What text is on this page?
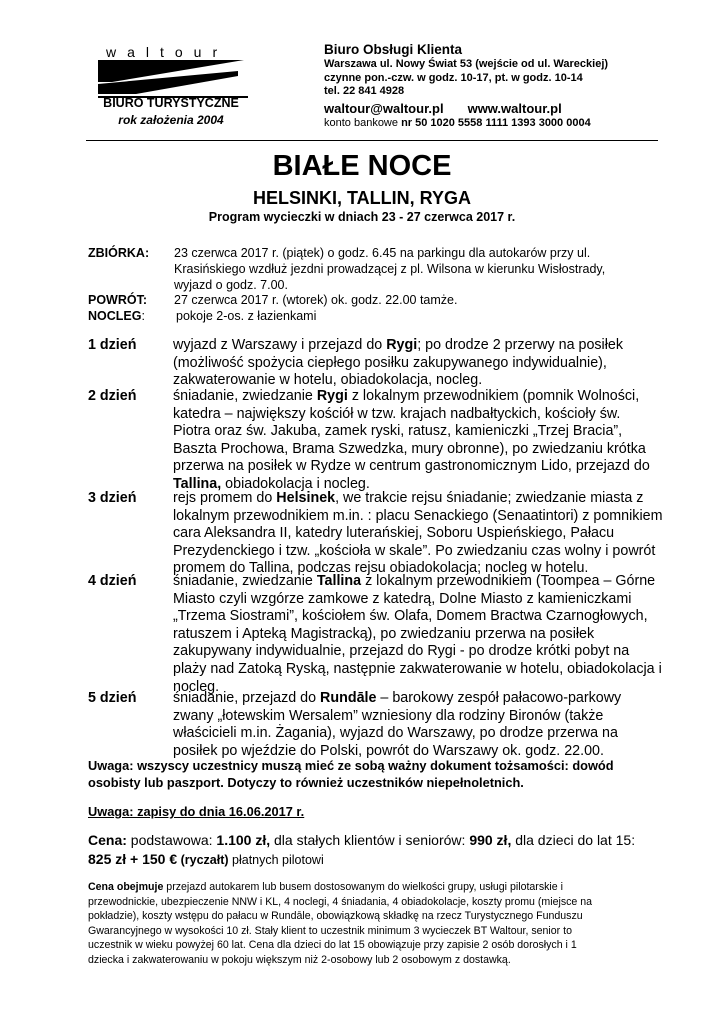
waltour
BIURO TURYSTYCZNE
rok założenia 2004
Biuro Obsługi Klienta
Warszawa ul. Nowy Świat 53 (wejście od ul. Wareckiej)
czynne pon.-czw. w godz. 10-17, pt. w godz. 10-14
tel. 22 841 4928
waltour@waltour.pl www.waltour.pl
konto bankowe nr 50 1020 5558 1111 1393 3000 0004
BIAŁE NOCE
HELSINKI, TALLIN, RYGA
Program wycieczki w dniach 23 - 27 czerwca 2017 r.
ZBIÓRKA: 23 czerwca 2017 r. (piątek) o godz. 6.45 na parkingu dla autokarów przy ul.
Krasińskiego wzdłuż jezdni prowadzącej z pl. Wilsona w kierunku Wisłostrady,
wyjazd o godz. 7.00.
POWRÓT: 27 czerwca 2017 r. (wtorek) ok. godz. 22.00 tamże.
NOCLEG: pokoje 2-os. z łazienkami
1 dzień	wyjazd z Warszawy i przejazd do Rygi; po drodze 2 przerwy na posiłek
(możliwość spożycia ciepłego posiłku zakupywanego indywidualnie),
zakwaterowanie w hotelu, obiadokolacja, nocleg.
2 dzień	śniadanie, zwiedzanie Rygi z lokalnym przewodnikiem (pomnik Wolności,
katedra – największy kościół w tzw. krajach nadbałtyckich, kościoły św.
Piotra oraz św. Jakuba, zamek ryski, ratusz, kamieniczki „Trzej Bracia”,
Baszta Prochowa, Brama Szwedzka, mury obronne), po zwiedzaniu krótka
przerwa na posiłek w Rydze w centrum gastronomicznym Lido, przejazd do
Tallina, obiadokolacja i nocleg.
3 dzień	rejs promem do Helsinek, we trakcie rejsu śniadanie; zwiedzanie miasta z
lokalnym przewodnikiem m.in. : placu Senackiego (Senaatintori) z pomnikiem
cara Aleksandra II, katedry luterańskiej, Soboru Uspieńskiego, Pałacu
Prezydenckiego i tzw. „kościoła w skale”. Po zwiedzaniu czas wolny i powrót
promem do Tallina, podczas rejsu obiadokolacja; nocleg w hotelu.
4 dzień	śniadanie, zwiedzanie Tallina z lokalnym przewodnikiem (Toompea – Górne
Miasto czyli wzgórze zamkowe z katedrą, Dolne Miasto z kamieniczkami
„Trzema Siostrami”, kościołem św. Olafa, Domem Bractwa Czarnogłowych,
ratuszem i Apteką Magistracką), po zwiedzaniu przerwa na posiłek
zakupywany indywidualnie, przejazd do Rygi - po drodze krótki pobyt na
plaży nad Zatoką Ryską, następnie zakwaterowanie w hotelu, obiadokolacja i
nocleg.
5 dzień	śniadanie, przejazd do Rundāle – barokowy zespół pałacowo-parkowy
zwany „łotewskim Wersalem” wzniesiony dla rodziny Bironów (także
właścicieli m.in. Żagania), wyjazd do Warszawy, po drodze przerwa na
posiłek po wjeździe do Polski, powrót do Warszawy ok. godz. 22.00.
Uwaga: wszyscy uczestnicy muszą mieć ze sobą ważny dokument tożsamości: dowód
osobisty lub paszport. Dotyczy to również uczestników niepełnoletnich.
Uwaga: zapisy do dnia 16.06.2017 r.
Cena: podstawowa: 1.100 zł, dla stałych klientów i seniorów: 990 zł, dla dzieci do lat 15:
825 zł + 150 € (ryczałt) płatnych pilotowi
Cena obejmuje przejazd autokarem lub busem dostosowanym do wielkości grupy, usługi pilotarskie i
przewodnickie, ubezpieczenie NNW i KL, 4 noclegi, 4 śniadania, 4 obiadokolacje, koszty promu (miejsce na
pokładzie), koszty wstępu do pałacu w Rundāle, obowiązkową składkę na rzecz Turystycznego Funduszu
Gwarancyjnego w wysokości 10 zł. Stały klient to uczestnik minimum 3 wycieczek BT Waltour, senior to
uczestnik w wieku powyżej 60 lat. Cena dla dzieci do lat 15 obowiązuje przy zapisie 2 osób dorosłych i 1
dziecka i zakwaterowaniu w pokoju większym niż 2-osobowy lub 2 osobowym z dostawką.
